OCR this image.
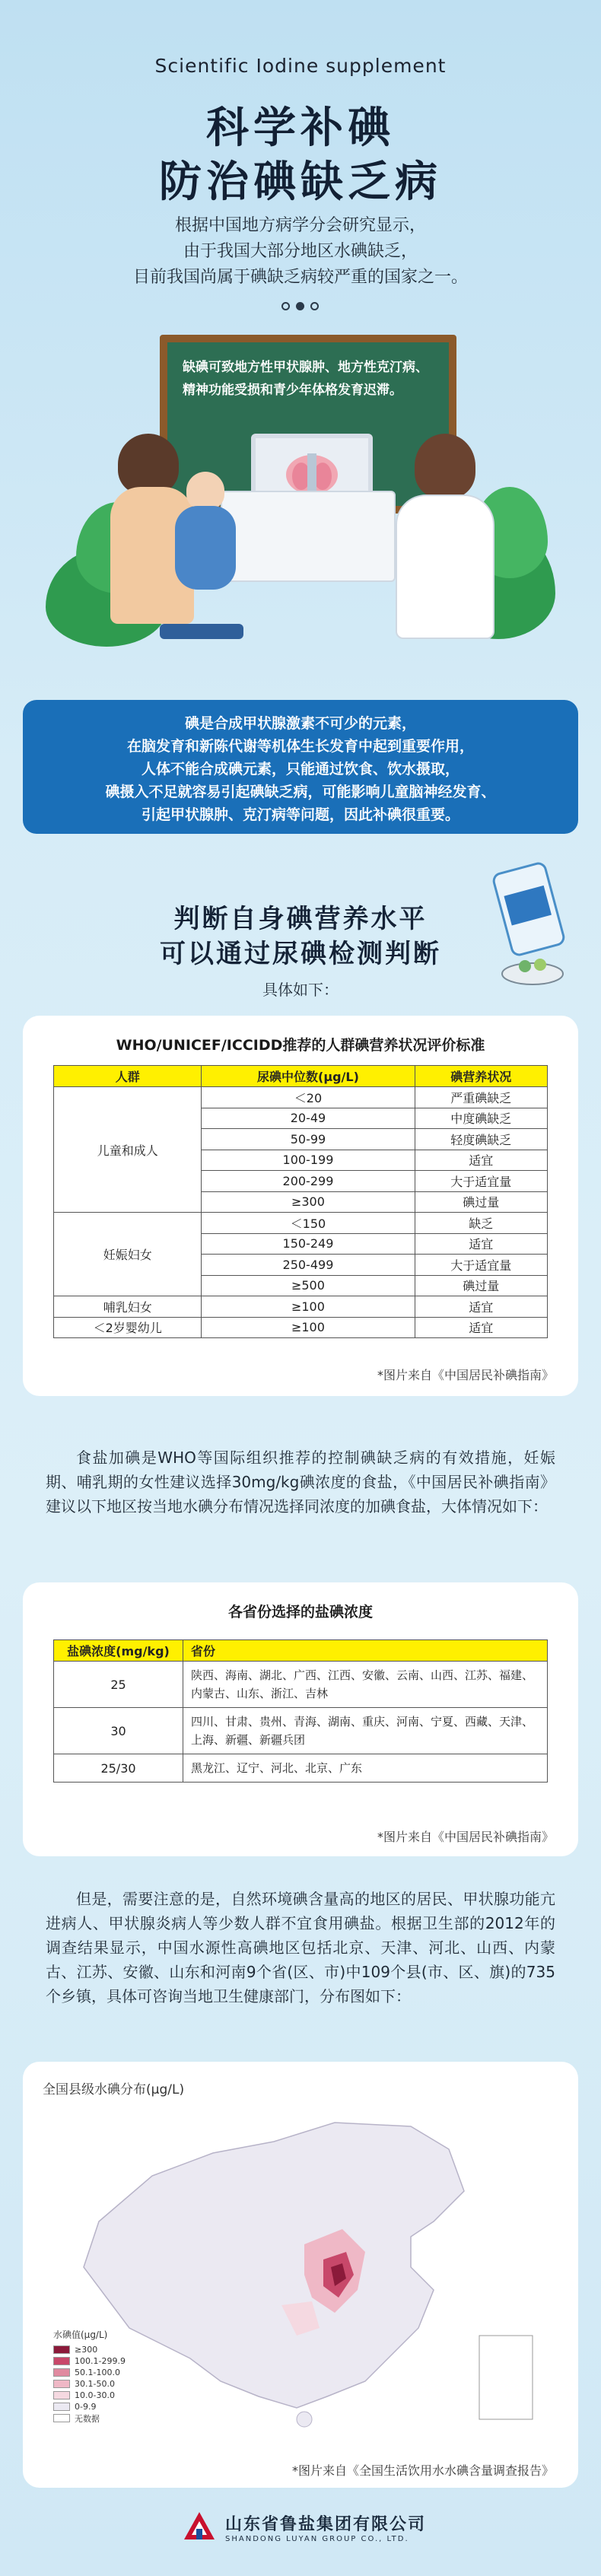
Scientific Iodine supplement
科学补碘
防治碘缺乏病
根据中国地方病学分会研究显示，
由于我国大部分地区水碘缺乏，
目前我国尚属于碘缺乏病较严重的国家之一。
缺碘可致地方性甲状腺肿、地方性克汀病、精神功能受损和青少年体格发育迟滞。
碘是合成甲状腺激素不可少的元素，
在脑发育和新陈代谢等机体生长发育中起到重要作用，
人体不能合成碘元素，只能通过饮食、饮水摄取，
碘摄入不足就容易引起碘缺乏病，可能影响儿童脑神经发育、
引起甲状腺肿、克汀病等问题，因此补碘很重要。
判断自身碘营养水平
可以通过尿碘检测判断
具体如下：
WHO/UNICEF/ICCIDD推荐的人群碘营养状况评价标准
人群	尿碘中位数(μg/L)	碘营养状况
儿童和成人	＜20	严重碘缺乏
	20-49	中度碘缺乏
	50-99	轻度碘缺乏
	100-199	适宜
	200-299	大于适宜量
	≥300	碘过量
妊娠妇女	＜150	缺乏
	150-249	适宜
	250-499	大于适宜量
	≥500	碘过量
哺乳妇女	≥100	适宜
＜2岁婴幼儿	≥100	适宜
*图片来自《中国居民补碘指南》
食盐加碘是WHO等国际组织推荐的控制碘缺乏病的有效措施，妊娠期、哺乳期的女性建议选择30mg/kg碘浓度的食盐，《中国居民补碘指南》建议以下地区按当地水碘分布情况选择同浓度的加碘食盐，大体情况如下：
各省份选择的盐碘浓度
盐碘浓度(mg/kg)	省份
25	陕西、海南、湖北、广西、江西、安徽、云南、山西、江苏、福建、内蒙古、山东、浙江、吉林
30	四川、甘肃、贵州、青海、湖南、重庆、河南、宁夏、西藏、天津、上海、新疆、新疆兵团
25/30	黑龙江、辽宁、河北、北京、广东
*图片来自《中国居民补碘指南》
但是，需要注意的是，自然环境碘含量高的地区的居民、甲状腺功能亢进病人、甲状腺炎病人等少数人群不宜食用碘盐。根据卫生部的2012年的调查结果显示，中国水源性高碘地区包括北京、天津、河北、山西、内蒙古、江苏、安徽、山东和河南9个省(区、市)中109个县(市、区、旗)的735个乡镇，具体可咨询当地卫生健康部门，分布图如下：
全国县级水碘分布(μg/L)
水碘值(μg/L)
≥300
100.1-299.9
50.1-100.0
30.1-50.0
10.0-30.0
0-9.9
无数据
*图片来自《全国生活饮用水水碘含量调查报告》
山东省鲁盐集团有限公司
SHANDONG LUYAN GROUP CO., LTD.
